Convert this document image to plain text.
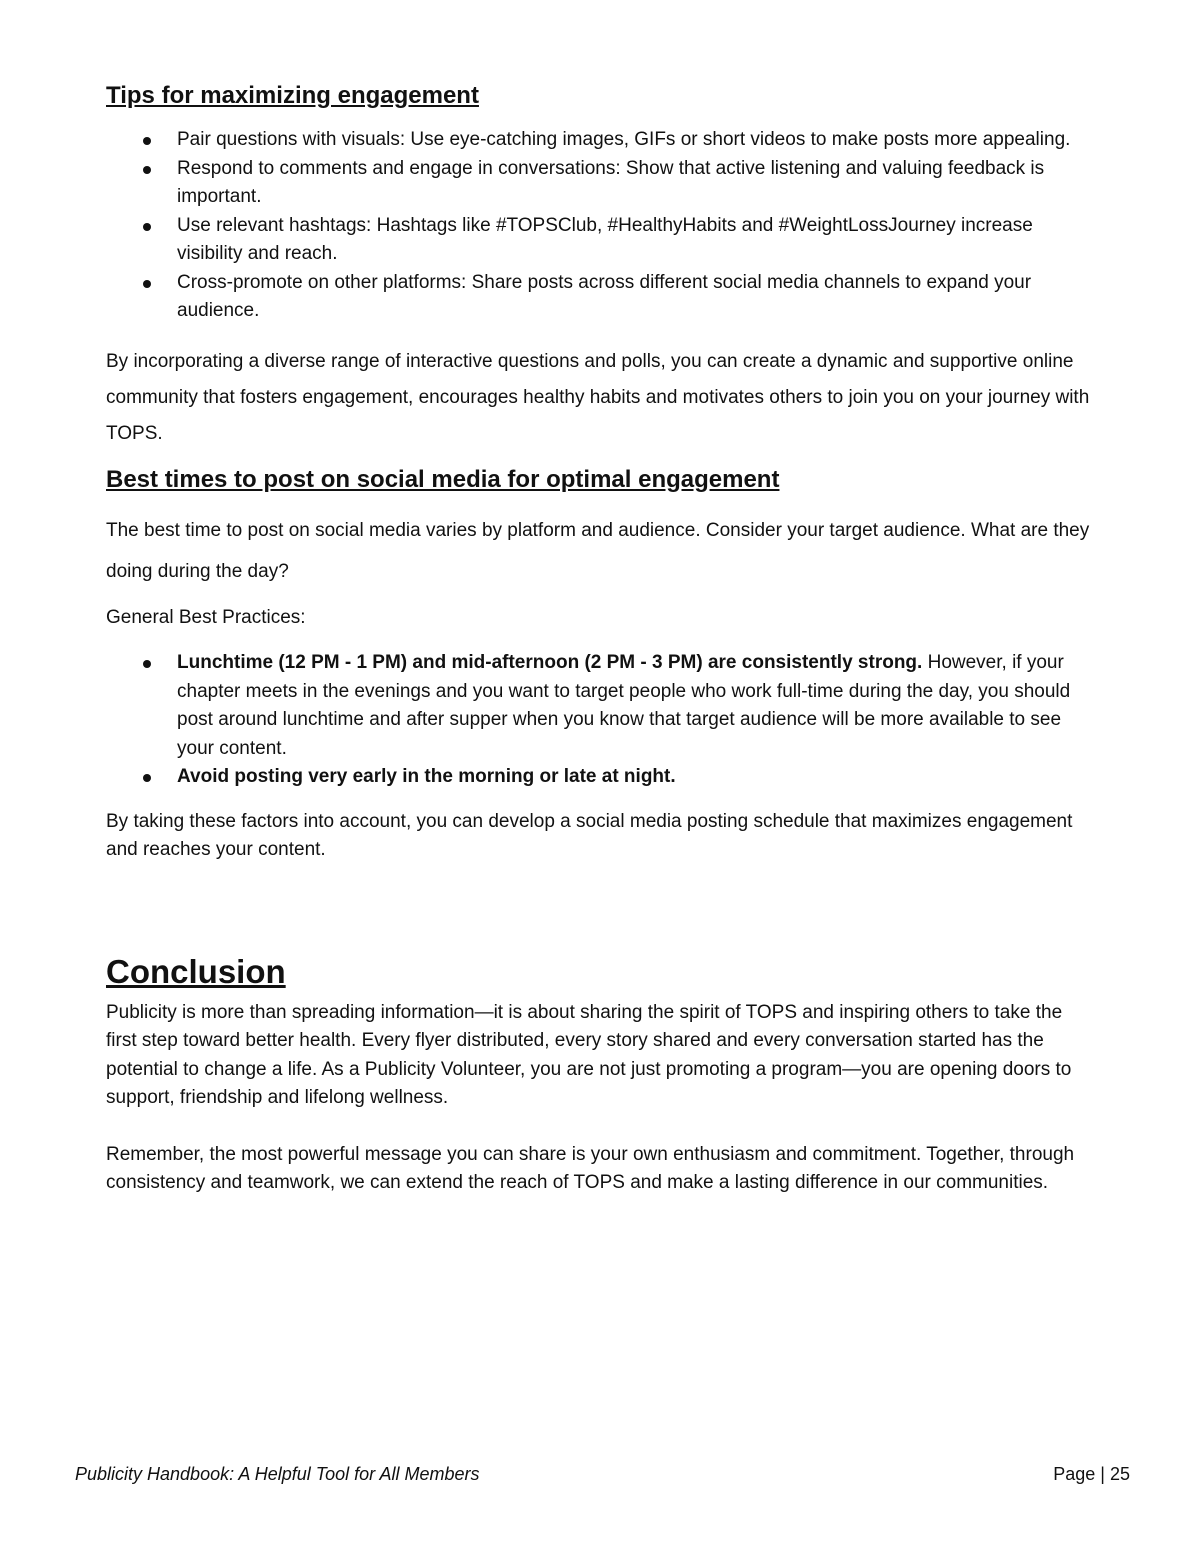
Tips for maximizing engagement
Pair questions with visuals: Use eye-catching images, GIFs or short videos to make posts more appealing.
Respond to comments and engage in conversations: Show that active listening and valuing feedback is important.
Use relevant hashtags: Hashtags like #TOPSClub, #HealthyHabits and #WeightLossJourney increase visibility and reach.
Cross-promote on other platforms: Share posts across different social media channels to expand your audience.

By incorporating a diverse range of interactive questions and polls, you can create a dynamic and supportive online community that fosters engagement, encourages healthy habits and motivates others to join you on your journey with TOPS.

Best times to post on social media for optimal engagement

The best time to post on social media varies by platform and audience. Consider your target audience. What are they doing during the day?

General Best Practices:

Lunchtime (12 PM - 1 PM) and mid-afternoon (2 PM - 3 PM) are consistently strong. However, if your chapter meets in the evenings and you want to target people who work full-time during the day, you should post around lunchtime and after supper when you know that target audience will be more available to see your content.
Avoid posting very early in the morning or late at night.

By taking these factors into account, you can develop a social media posting schedule that maximizes engagement and reaches your content.

Conclusion

Publicity is more than spreading information—it is about sharing the spirit of TOPS and inspiring others to take the first step toward better health. Every flyer distributed, every story shared and every conversation started has the potential to change a life. As a Publicity Volunteer, you are not just promoting a program—you are opening doors to support, friendship and lifelong wellness.

Remember, the most powerful message you can share is your own enthusiasm and commitment. Together, through consistency and teamwork, we can extend the reach of TOPS and make a lasting difference in our communities.

Publicity Handbook: A Helpful Tool for All Members	Page | 25
